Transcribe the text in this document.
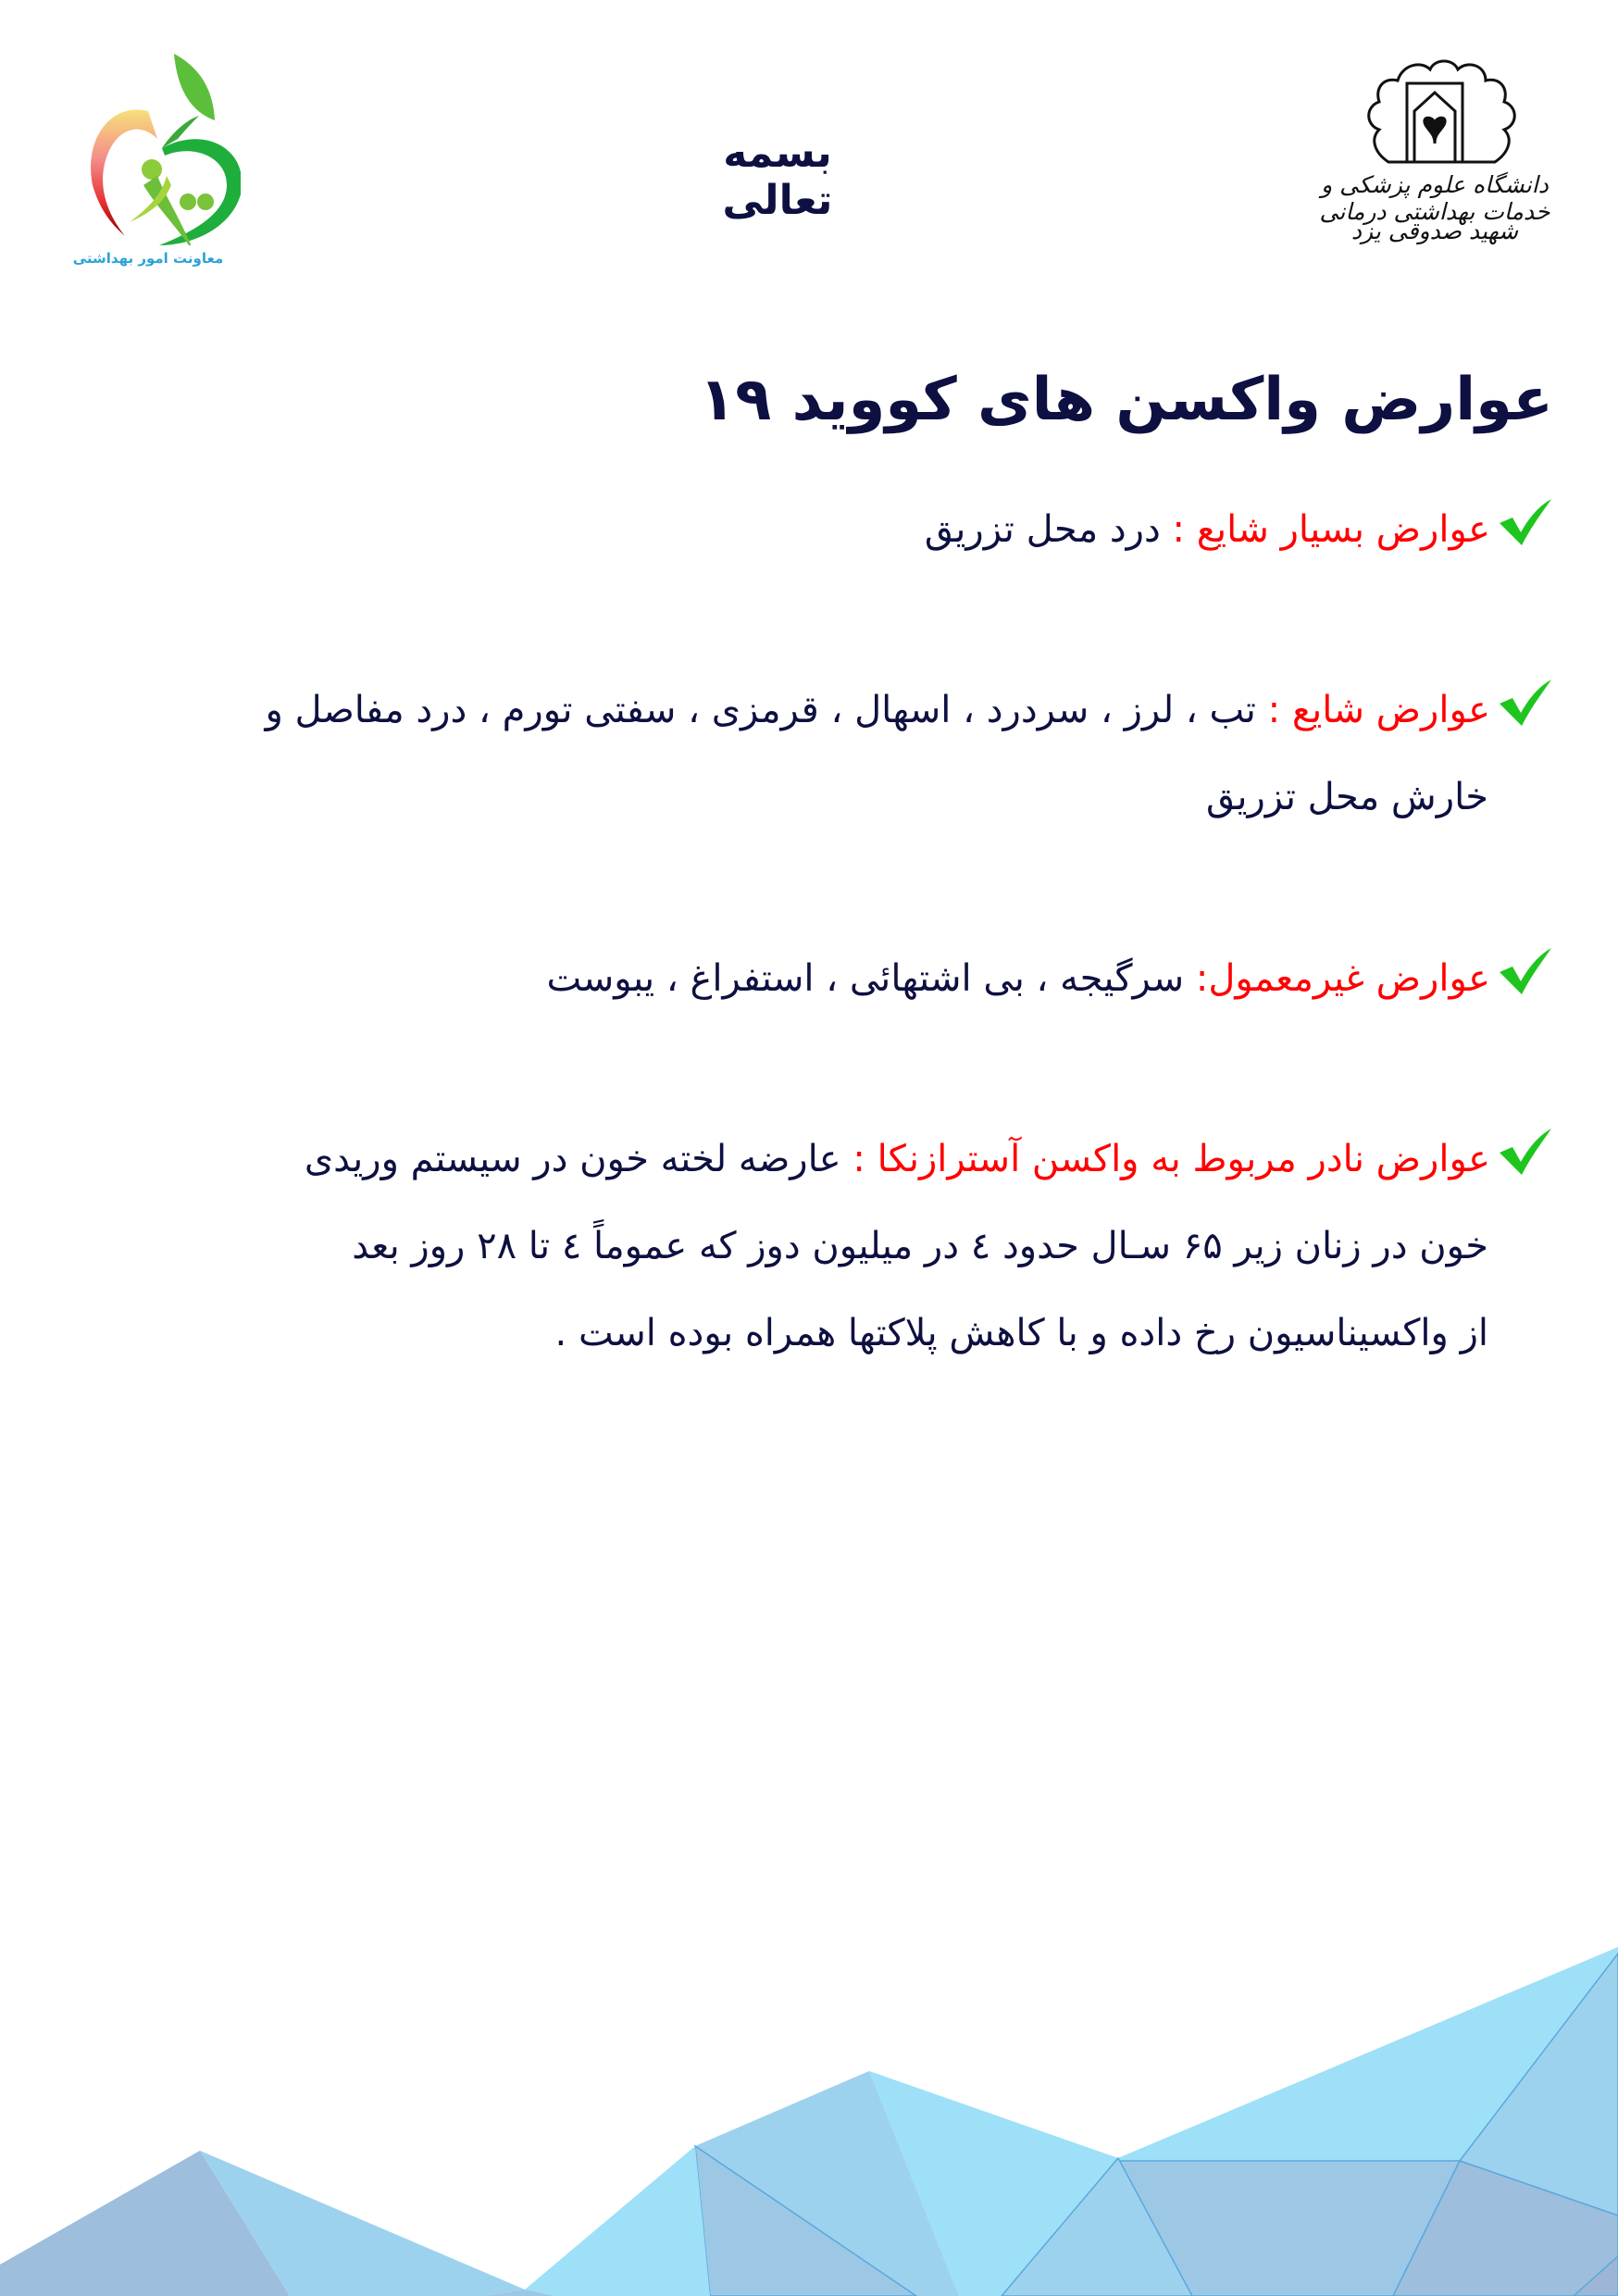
معاونت امور بهداشتی
بسمه تعالی	دانشگاه علوم پزشکی و خدمات بهداشتی درمانی
شهید صدوقی یزد
عوارض واکسن های کووید ۱۹
عوارض بسیار شایع : درد محل تزریق
عوارض شایع : تب ، لرز ، سردرد ، اسهال ، قرمزی ، سفتی تورم ، درد مفاصل و
خارش محل تزریق
عوارض غیرمعمول: سرگیجه ، بی اشتهائی ، استفراغ ، یبوست
عوارض نادر مربوط به واکسن آسترازنکا : عارضه لخته خون در سیستم وریدی
خون در زنان زیر ۶۵ سـال حدود ٤ در میلیون دوز که عموماً ٤ تا ۲۸ روز بعد
از واکسیناسیون رخ داده و با کاهش پلاکتها همراه بوده است .
